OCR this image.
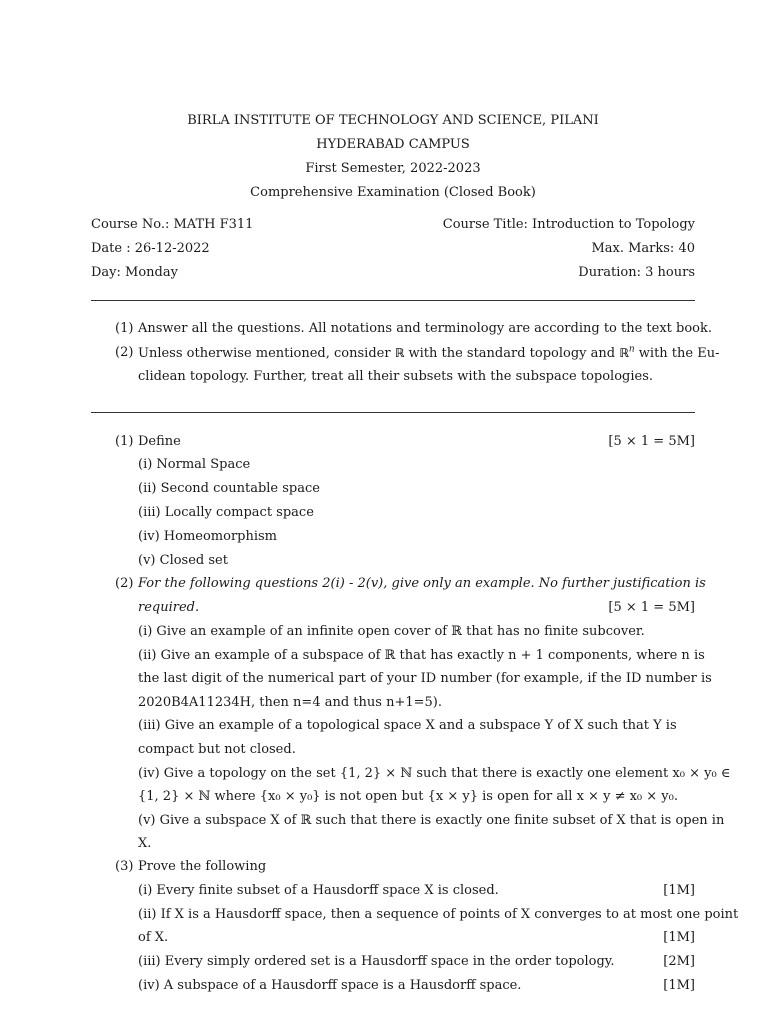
BIRLA INSTITUTE OF TECHNOLOGY AND SCIENCE, PILANI
HYDERABAD CAMPUS
First Semester, 2022-2023
Comprehensive Examination (Closed Book)
Course No.: MATH F311	Course Title: Introduction to Topology
Date : 26-12-2022	Max. Marks: 40
Day: Monday	Duration: 3 hours
(1) Answer all the questions. All notations and terminology are according to the text book.
(2) Unless otherwise mentioned, consider ℝ with the standard topology and ℝ$^n$ with the Eu-
clidean topology. Further, treat all their subsets with the subspace topologies.
(1) Define	[5 × 1 = 5M]
(i) Normal Space
(ii) Second countable space
(iii) Locally compact space
(iv) Homeomorphism
(v) Closed set
(2) For the following questions 2(i) - 2(v), give only an example. No further justification is
required.	[5 × 1 = 5M]
(i) Give an example of an infinite open cover of ℝ that has no finite subcover.
(ii) Give an example of a subspace of ℝ that has exactly n + 1 components, where n is
the last digit of the numerical part of your ID number (for example, if the ID number is
2020B4A11234H, then n=4 and thus n+1=5).
(iii) Give an example of a topological space X and a subspace Y of X such that Y is
compact but not closed.
(iv) Give a topology on the set {1, 2} × ℕ such that there is exactly one element x₀ × y₀ ∈
{1, 2} × ℕ where {x₀ × y₀} is not open but {x × y} is open for all x × y ≠ x₀ × y₀.
(v) Give a subspace X of ℝ such that there is exactly one finite subset of X that is open in
X.
(3) Prove the following
(i) Every finite subset of a Hausdorff space X is closed.	[1M]
(ii) If X is a Hausdorff space, then a sequence of points of X converges to at most one point
of X.	[1M]
(iii) Every simply ordered set is a Hausdorff space in the order topology.	[2M]
(iv) A subspace of a Hausdorff space is a Hausdorff space.	[1M]
